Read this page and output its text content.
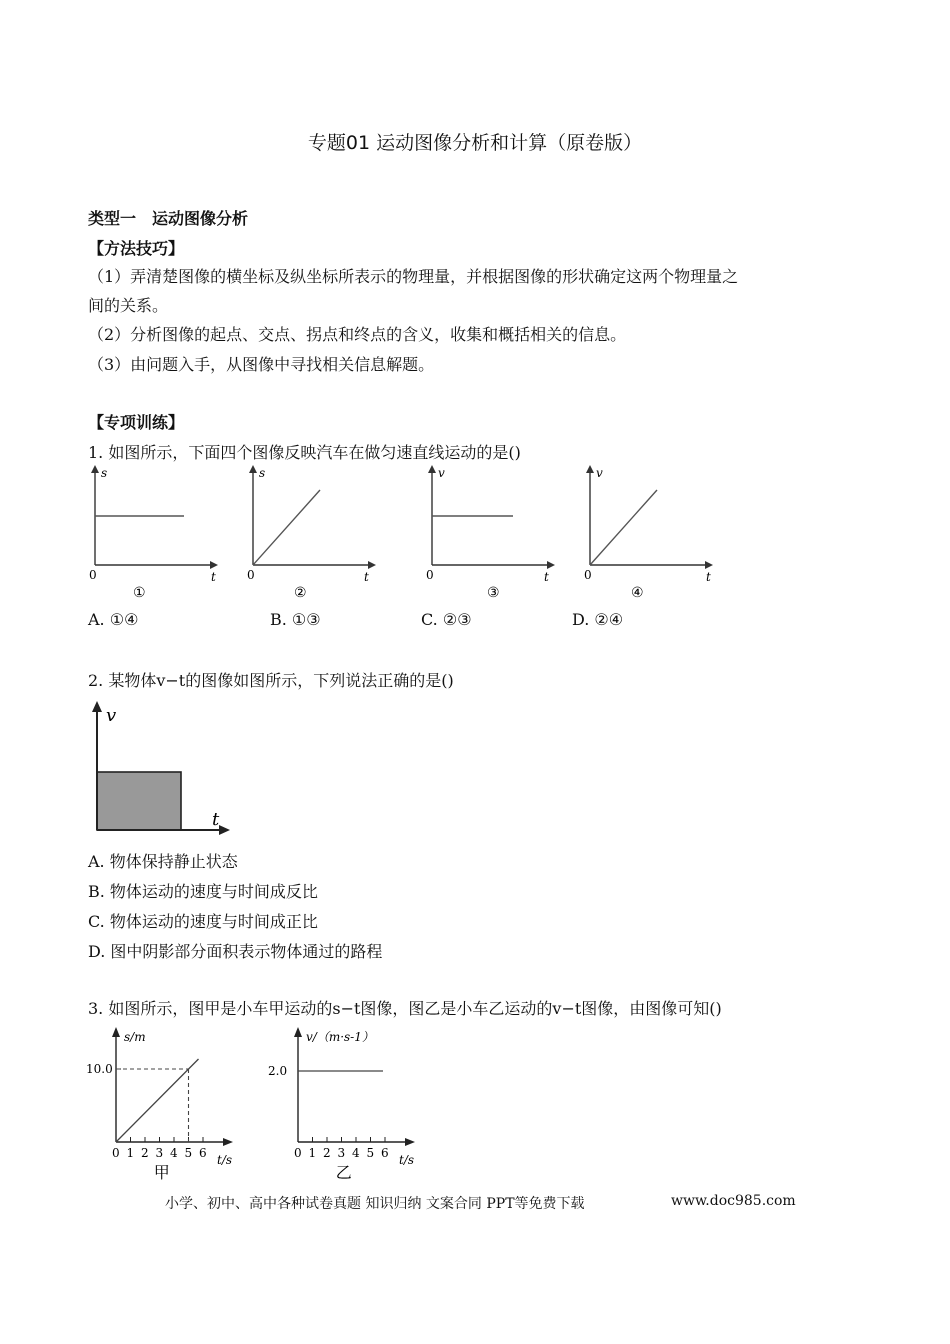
专题01 运动图像分析和计算（原卷版）
类型一　运动图像分析
【方法技巧】
（1）弄清楚图像的横坐标及纵坐标所表示的物理量，并根据图像的形状确定这两个物理量之
间的关系。
（2）分析图像的起点、交点、拐点和终点的含义，收集和概括相关的信息。
（3）由问题入手，从图像中寻找相关信息解题。
【专项训练】
1. 如图所示，下面四个图像反映汽车在做匀速直线运动的是()
s
t
0
①
s
t
0
②
v
t
0
③
v
t
0
④
A. ①④	B. ①③	C. ②③	D. ②④
2. 某物体v−t的图像如图所示，下列说法正确的是()
v
t
A. 物体保持静止状态
B. 物体运动的速度与时间成反比
C. 物体运动的速度与时间成正比
D. 图中阴影部分面积表示物体通过的路程
3. 如图所示，图甲是小车甲运动的s−t图像，图乙是小车乙运动的v−t图像，由图像可知()
0 1 2 3 4 5 6
10.0
s/m
t/s
甲
0 1 2 3 4 5 6
2.0
v/（m·s-1）
t/s
乙
小学、初中、高中各种试卷真题 知识归纳 文案合同 PPT等免费下载	www.doc985.com
